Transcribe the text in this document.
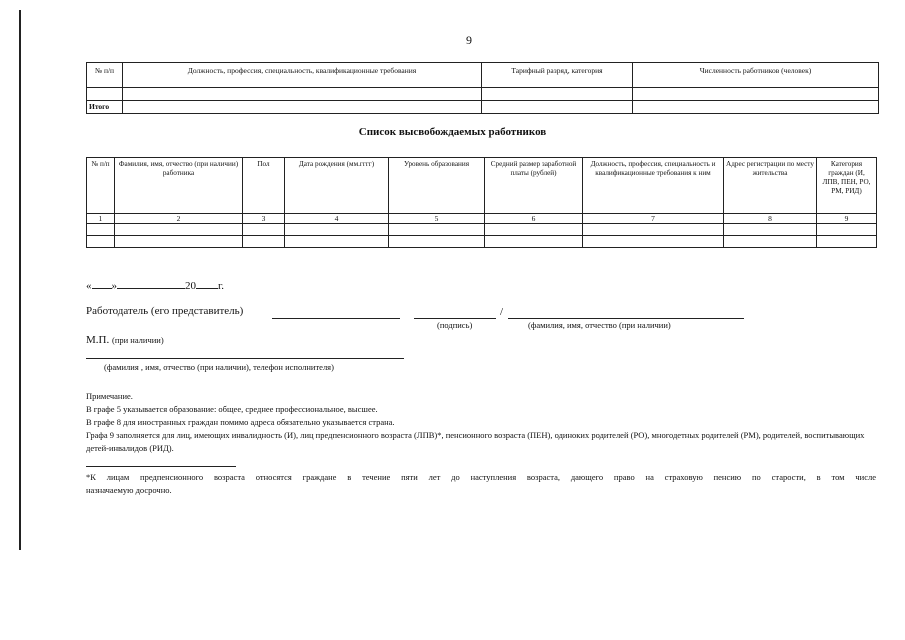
9
№ п/п	Должность, профессия, специальность, квалификационные требования	Тарифный разряд, категория	Численность работников (человек)

Итого			
Список высвобождаемых работников
№ п/п	Фамилия, имя, отчество (при наличии) работника	Пол	Дата рождения (мм.гггг)	Уровень образования	Средний размер заработной платы (рублей)	Должность, профессия, специальность и квалификационные требования к ним	Адрес регистрации по месту жительства	Категория граждан (И, ЛПВ, ПЕН, РО, РМ, РИД)
1	2	3	4	5	6	7	8	9

« »	20 г.
Работодатель (его представитель)	/
(подпись)	(фамилия, имя, отчество (при наличии)
М.П. (при наличии)
(фамилия , имя, отчество (при наличии), телефон исполнителя)

Примечание.

В графе 5 указывается образование: общее, среднее профессиональное, высшее.

В графе 8 для иностранных граждан помимо адреса обязательно указывается страна.

Графа 9 заполняется для лиц, имеющих инвалидность (И), лиц предпенсионного возраста (ЛПВ)*, пенсионного возраста (ПЕН), одиноких родителей (РО), многодетных родителей (РМ), родителей, воспитывающих детей-инвалидов (РИД).

*К лицам предпенсионного возраста относятся граждане в течение пяти лет до наступления возраста, дающего право на страховую пенсию по старости, в том числе

назначаемую досрочно.
